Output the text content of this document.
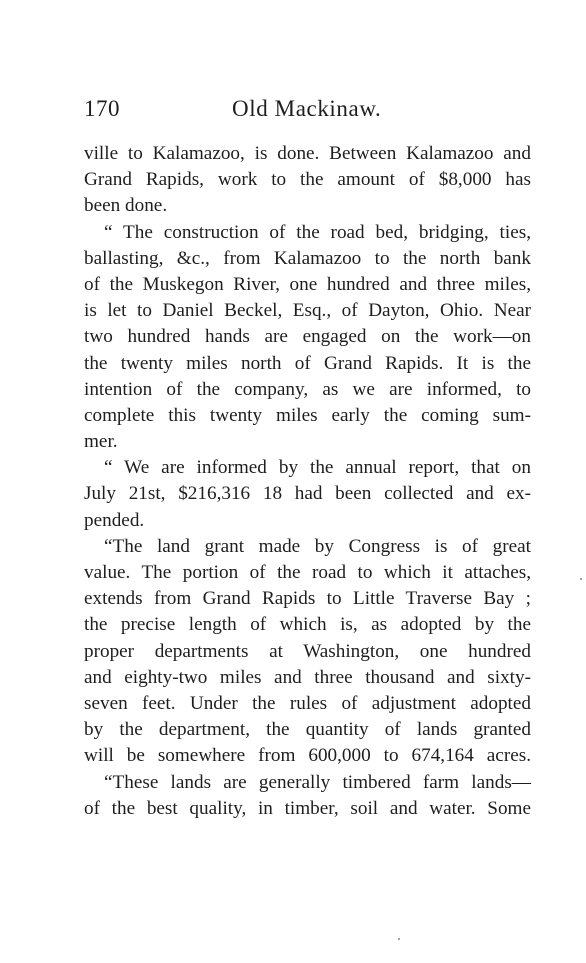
170	Old Mackinaw.
ville to Kalamazoo, is done. Between Kalamazoo and
Grand Rapids, work to the amount of $8,000 has
been done.
“ The construction of the road bed, bridging, ties,
ballasting, &c., from Kalamazoo to the north bank
of the Muskegon River, one hundred and three miles,
is let to Daniel Beckel, Esq., of Dayton, Ohio. Near
two hundred hands are engaged on the work—on
the twenty miles north of Grand Rapids. It is the
intention of the company, as we are informed, to
complete this twenty miles early the coming sum-
mer.
“ We are informed by the annual report, that on
July 21st, $216,316 18 had been collected and ex-
pended.
“The land grant made by Congress is of great
value. The portion of the road to which it attaches,
extends from Grand Rapids to Little Traverse Bay ;
the precise length of which is, as adopted by the
proper departments at Washington, one hundred
and eighty-two miles and three thousand and sixty-
seven feet. Under the rules of adjustment adopted
by the department, the quantity of lands granted
will be somewhere from 600,000 to 674,164 acres.
“These lands are generally timbered farm lands—
of the best quality, in timber, soil and water. Some
